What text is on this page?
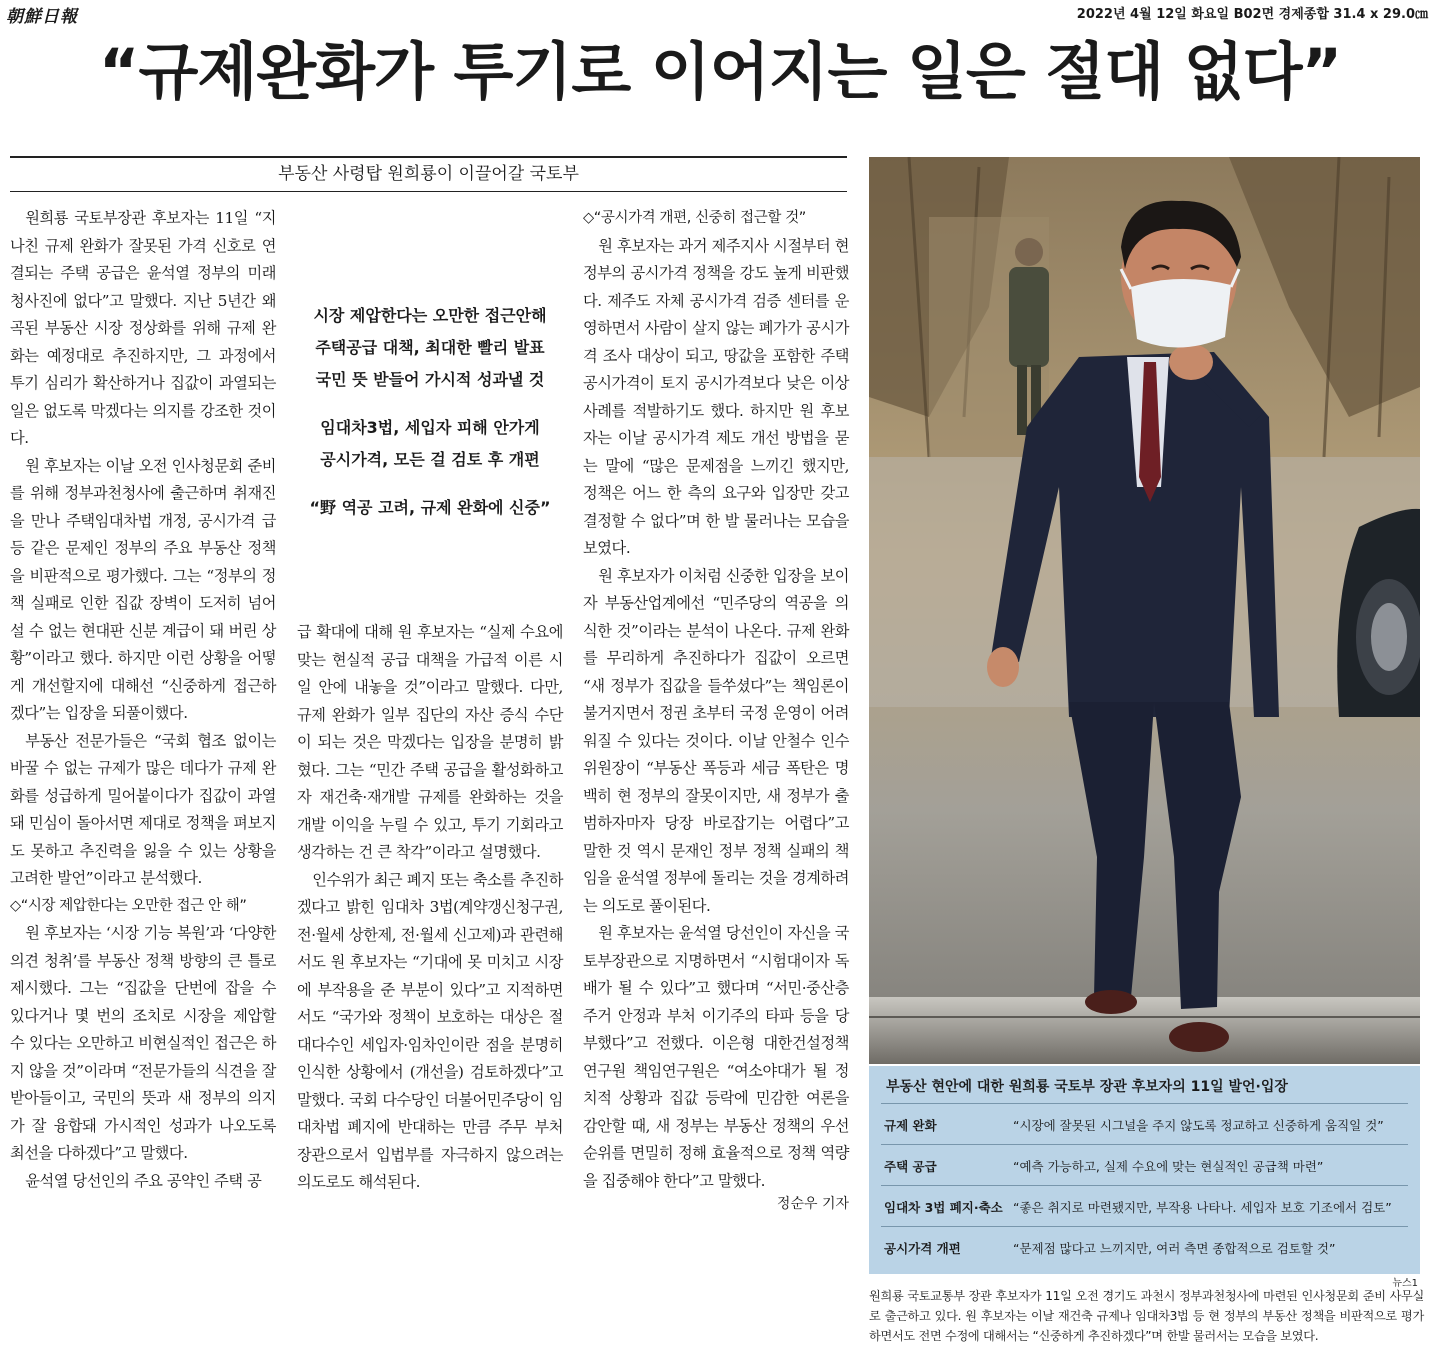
朝鮮日報	2022년 4월 12일 화요일 B02면 경제종합 31.4 x 29.0㎝
“규제완화가 투기로 이어지는 일은 절대 없다”
부동산 사령탑 원희룡이 이끌어갈 국토부

원희룡 국토부장관 후보자는 11일 “지나친 규제 완화가 잘못된 가격 신호로 연결되는 주택 공급은 윤석열 정부의 미래 청사진에 없다”고 말했다. 지난 5년간 왜곡된 부동산 시장 정상화를 위해 규제 완화는 예정대로 추진하지만, 그 과정에서 투기 심리가 확산하거나 집값이 과열되는 일은 없도록 막겠다는 의지를 강조한 것이다.

원 후보자는 이날 오전 인사청문회 준비를 위해 정부과천청사에 출근하며 취재진을 만나 주택임대차법 개정, 공시가격 급등 같은 문제인 정부의 주요 부동산 정책을 비판적으로 평가했다. 그는 “정부의 정책 실패로 인한 집값 장벽이 도저히 넘어설 수 없는 현대판 신분 계급이 돼 버린 상황”이라고 했다. 하지만 이런 상황을 어떻게 개선할지에 대해선 “신중하게 접근하겠다”는 입장을 되풀이했다.

부동산 전문가들은 “국회 협조 없이는 바꿀 수 없는 규제가 많은 데다가 규제 완화를 성급하게 밀어붙이다가 집값이 과열돼 민심이 돌아서면 제대로 정책을 펴보지도 못하고 추진력을 잃을 수 있는 상황을 고려한 발언”이라고 분석했다.

◇“시장 제압한다는 오만한 접근 안 해”

원 후보자는 ‘시장 기능 복원’과 ‘다양한 의견 청취’를 부동산 정책 방향의 큰 틀로 제시했다. 그는 “집값을 단번에 잡을 수 있다거나 몇 번의 조치로 시장을 제압할 수 있다는 오만하고 비현실적인 접근은 하지 않을 것”이라며 “전문가들의 식견을 잘 받아들이고, 국민의 뜻과 새 정부의 의지가 잘 융합돼 가시적인 성과가 나오도록 최선을 다하겠다”고 말했다.

윤석열 당선인의 주요 공약인 주택 공

시장 제압한다는 오만한 접근안해
주택공급 대책, 최대한 빨리 발표
국민 뜻 받들어 가시적 성과낼 것
임대차3법, 세입자 피해 안가게
공시가격, 모든 걸 검토 후 개편
“野 역공 고려, 규제 완화에 신중”

급 확대에 대해 원 후보자는 “실제 수요에 맞는 현실적 공급 대책을 가급적 이른 시일 안에 내놓을 것”이라고 말했다. 다만, 규제 완화가 일부 집단의 자산 증식 수단이 되는 것은 막겠다는 입장을 분명히 밝혔다. 그는 “민간 주택 공급을 활성화하고자 재건축·재개발 규제를 완화하는 것을 개발 이익을 누릴 수 있고, 투기 기회라고 생각하는 건 큰 착각”이라고 설명했다.

인수위가 최근 폐지 또는 축소를 추진하겠다고 밝힌 임대차 3법(계약갱신청구권, 전·월세 상한제, 전·월세 신고제)과 관련해서도 원 후보자는 “기대에 못 미치고 시장에 부작용을 준 부분이 있다”고 지적하면서도 “국가와 정책이 보호하는 대상은 절대다수인 세입자·임차인이란 점을 분명히 인식한 상황에서 (개선을) 검토하겠다”고 말했다. 국회 다수당인 더불어민주당이 임대차법 폐지에 반대하는 만큼 주무 부처 장관으로서 입법부를 자극하지 않으려는 의도로도 해석된다.

◇“공시가격 개편, 신중히 접근할 것”

원 후보자는 과거 제주지사 시절부터 현 정부의 공시가격 정책을 강도 높게 비판했다. 제주도 자체 공시가격 검증 센터를 운영하면서 사람이 살지 않는 폐가가 공시가격 조사 대상이 되고, 땅값을 포함한 주택 공시가격이 토지 공시가격보다 낮은 이상 사례를 적발하기도 했다. 하지만 원 후보자는 이날 공시가격 제도 개선 방법을 묻는 말에 “많은 문제점을 느끼긴 했지만, 정책은 어느 한 측의 요구와 입장만 갖고 결정할 수 없다”며 한 발 물러나는 모습을 보였다.

원 후보자가 이처럼 신중한 입장을 보이자 부동산업계에선 “민주당의 역공을 의식한 것”이라는 분석이 나온다. 규제 완화를 무리하게 추진하다가 집값이 오르면 “새 정부가 집값을 들쑤셨다”는 책임론이 불거지면서 정권 초부터 국정 운영이 어려워질 수 있다는 것이다. 이날 안철수 인수위원장이 “부동산 폭등과 세금 폭탄은 명백히 현 정부의 잘못이지만, 새 정부가 출범하자마자 당장 바로잡기는 어렵다”고 말한 것 역시 문재인 정부 정책 실패의 책임을 윤석열 정부에 돌리는 것을 경계하려는 의도로 풀이된다.

원 후보자는 윤석열 당선인이 자신을 국토부장관으로 지명하면서 “시험대이자 독배가 될 수 있다”고 했다며 “서민·중산층 주거 안정과 부처 이기주의 타파 등을 당부했다”고 전했다. 이은형 대한건설정책연구원 책임연구원은 “여소야대가 될 정치적 상황과 집값 등락에 민감한 여론을 감안할 때, 새 정부는 부동산 정책의 우선순위를 면밀히 정해 효율적으로 정책 역량을 집중해야 한다”고 말했다.

정순우 기자
부동산 현안에 대한 원희룡 국토부 장관 후보자의 11일 발언·입장
규제 완화	“시장에 잘못된 시그널을 주지 않도록 정교하고 신중하게 움직일 것”
주택 공급	“예측 가능하고, 실제 수요에 맞는 현실적인 공급책 마련”
임대차 3법 폐지·축소 “좋은 취지로 마련됐지만, 부작용 나타나. 세입자 보호 기조에서 검토”
공시가격 개편	“문제점 많다고 느끼지만, 여러 측면 종합적으로 검토할 것”
뉴스1
원희룡 국토교통부 장관 후보자가 11일 오전 경기도 과천시 정부과천청사에 마련된 인사청문회 준비 사무실로 출근하고 있다. 원 후보자는 이날 재건축 규제나 임대차3법 등 현 정부의 부동산 정책을 비판적으로 평가하면서도 전면 수정에 대해서는 “신중하게 추진하겠다”며 한발 물러서는 모습을 보였다.
